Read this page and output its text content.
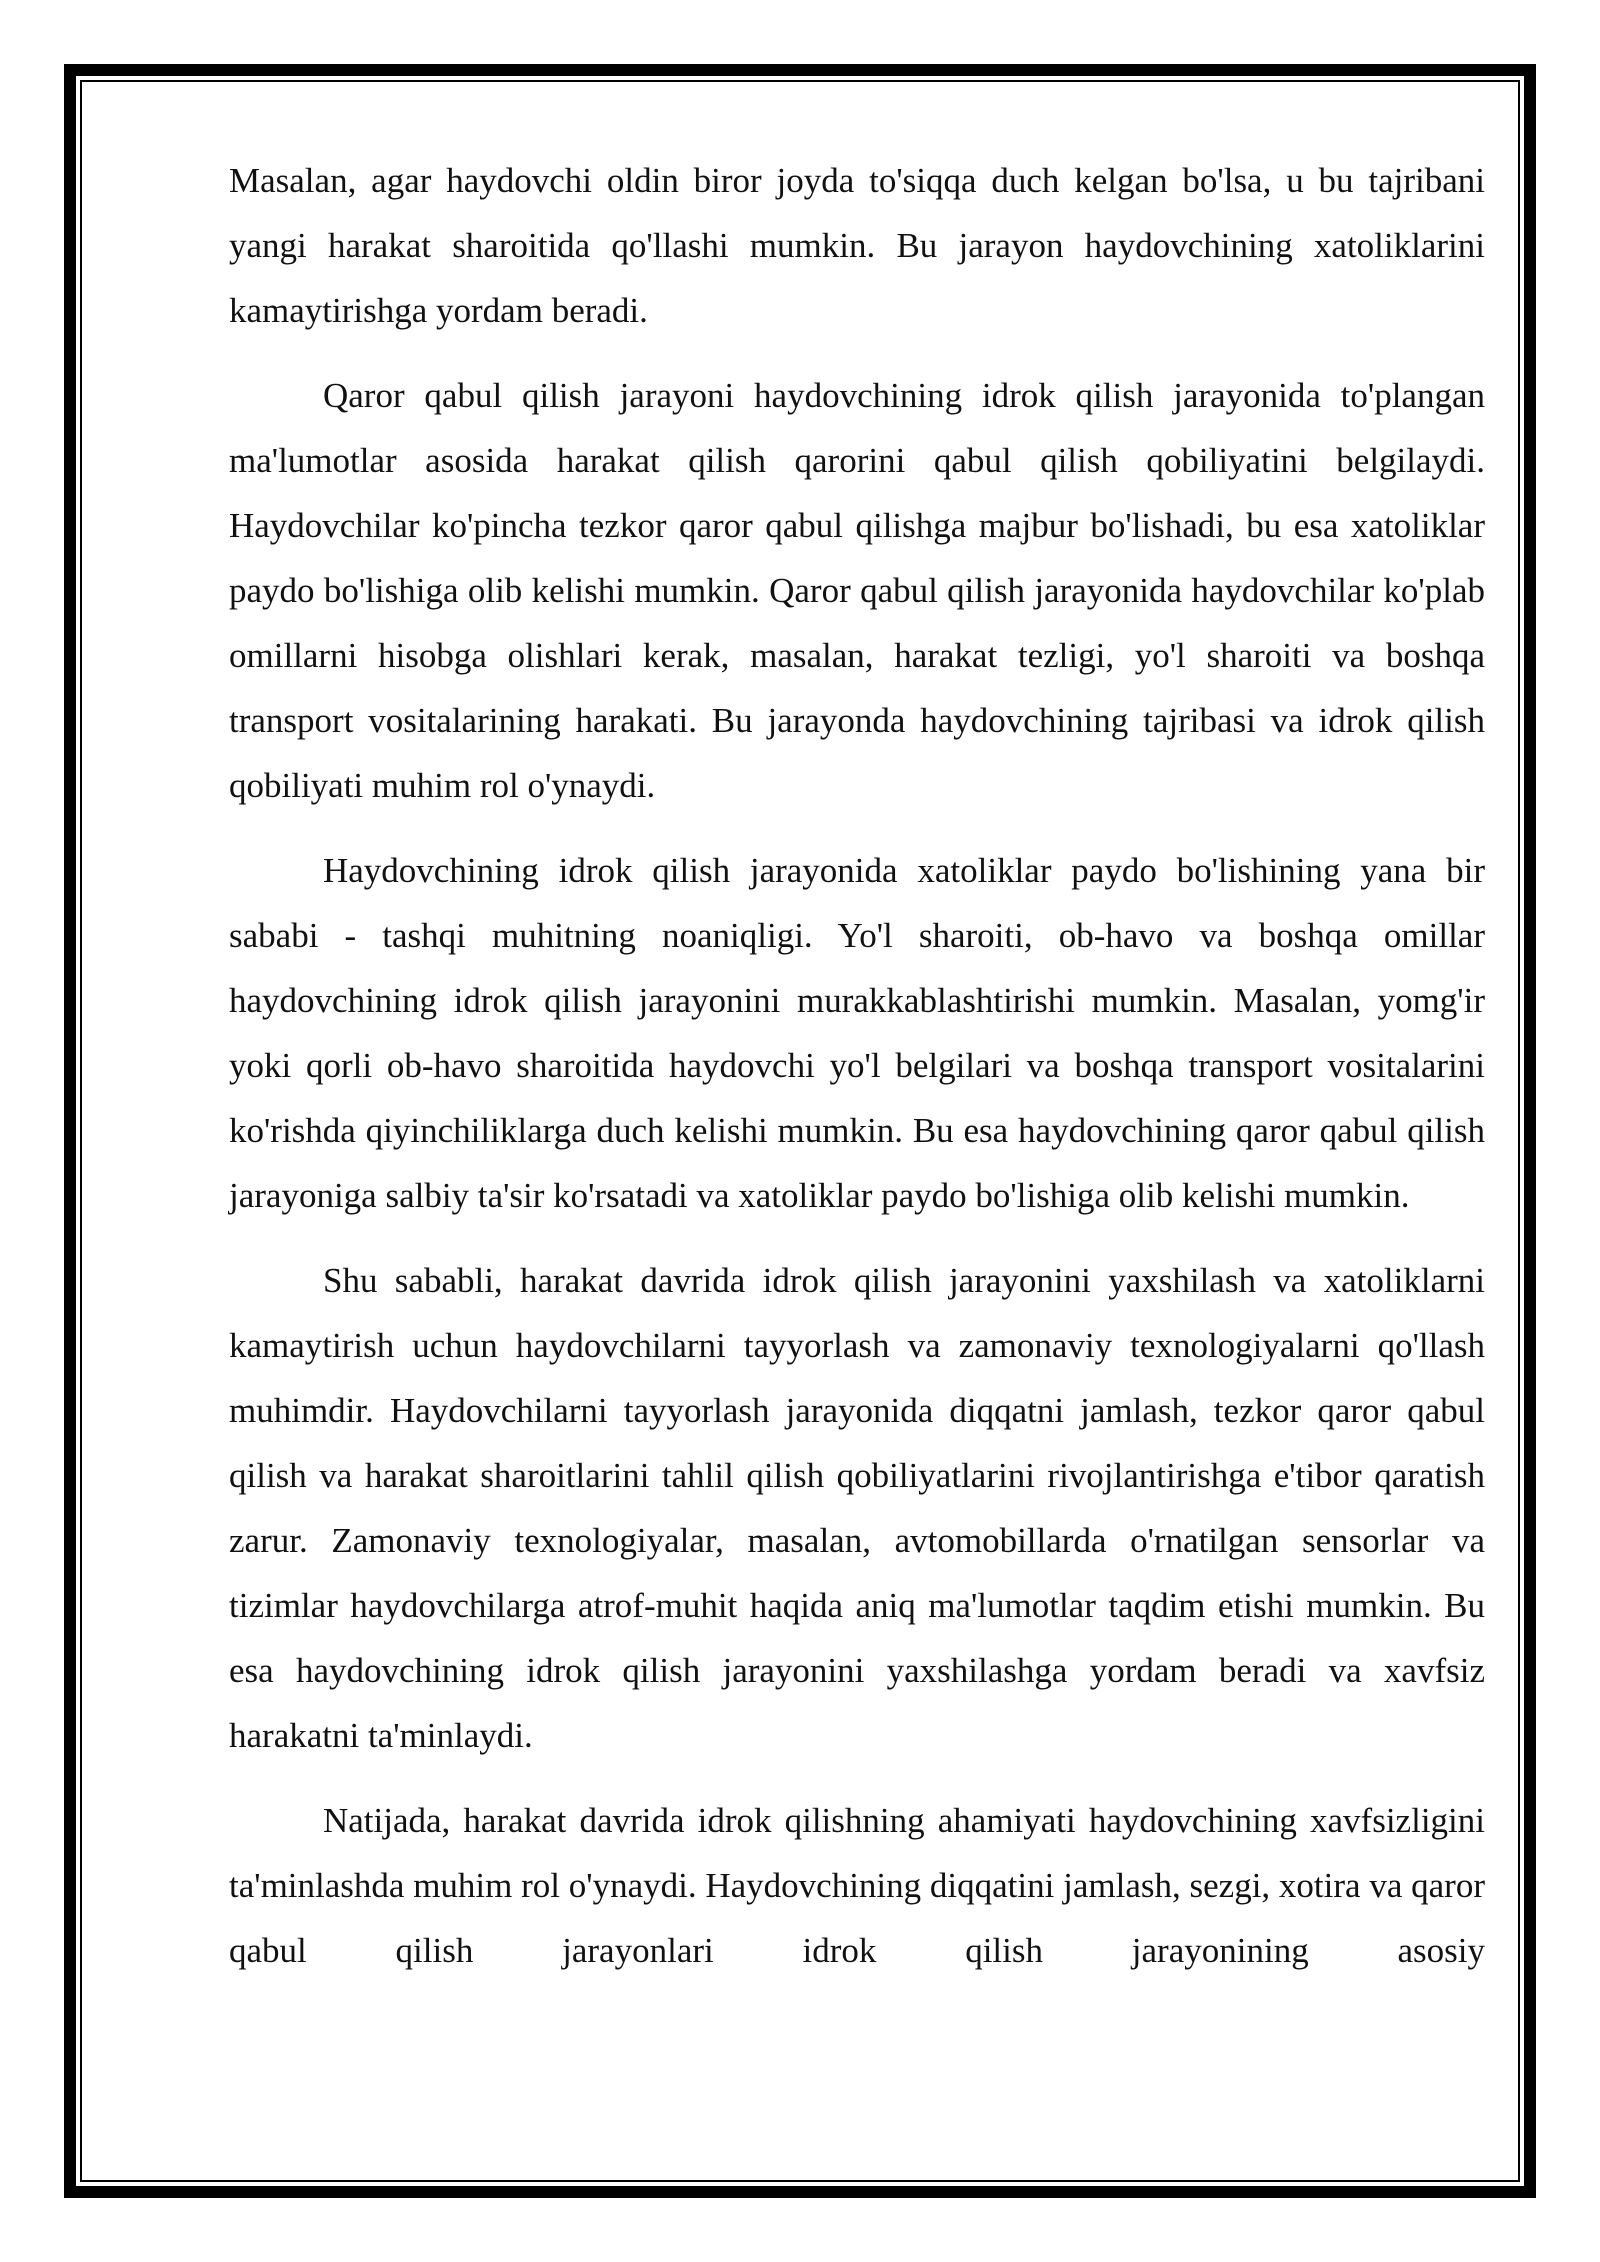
Masalan, agar haydovchi oldin biror joyda to'siqqa duch kelgan bo'lsa, u bu tajribani yangi harakat sharoitida qo'llashi mumkin. Bu jarayon haydovchining xatoliklarini kamaytirishga yordam beradi.

Qaror qabul qilish jarayoni haydovchining idrok qilish jarayonida to'plangan ma'lumotlar asosida harakat qilish qarorini qabul qilish qobiliyatini belgilaydi. Haydovchilar ko'pincha tezkor qaror qabul qilishga majbur bo'lishadi, bu esa xatoliklar paydo bo'lishiga olib kelishi mumkin. Qaror qabul qilish jarayonida haydovchilar ko'plab omillarni hisobga olishlari kerak, masalan, harakat tezligi, yo'l sharoiti va boshqa transport vositalarining harakati. Bu jarayonda haydovchining tajribasi va idrok qilish qobiliyati muhim rol o'ynaydi.

Haydovchining idrok qilish jarayonida xatoliklar paydo bo'lishining yana bir sababi - tashqi muhitning noaniqligi. Yo'l sharoiti, ob-havo va boshqa omillar haydovchining idrok qilish jarayonini murakkablashtirishi mumkin. Masalan, yomg'ir yoki qorli ob-havo sharoitida haydovchi yo'l belgilari va boshqa transport vositalarini ko'rishda qiyinchiliklarga duch kelishi mumkin. Bu esa haydovchining qaror qabul qilish jarayoniga salbiy ta'sir ko'rsatadi va xatoliklar paydo bo'lishiga olib kelishi mumkin.

Shu sababli, harakat davrida idrok qilish jarayonini yaxshilash va xatoliklarni kamaytirish uchun haydovchilarni tayyorlash va zamonaviy texnologiyalarni qo'llash muhimdir. Haydovchilarni tayyorlash jarayonida diqqatni jamlash, tezkor qaror qabul qilish va harakat sharoitlarini tahlil qilish qobiliyatlarini rivojlantirishga e'tibor qaratish zarur. Zamonaviy texnologiyalar, masalan, avtomobillarda o'rnatilgan sensorlar va tizimlar haydovchilarga atrof-muhit haqida aniq ma'lumotlar taqdim etishi mumkin. Bu esa haydovchining idrok qilish jarayonini yaxshilashga yordam beradi va xavfsiz harakatni ta'minlaydi.

Natijada, harakat davrida idrok qilishning ahamiyati haydovchining xavfsizligini ta'minlashda muhim rol o'ynaydi. Haydovchining diqqatini jamlash, sezgi, xotira va qaror qabul qilish jarayonlari idrok qilish jarayonining asosiy
